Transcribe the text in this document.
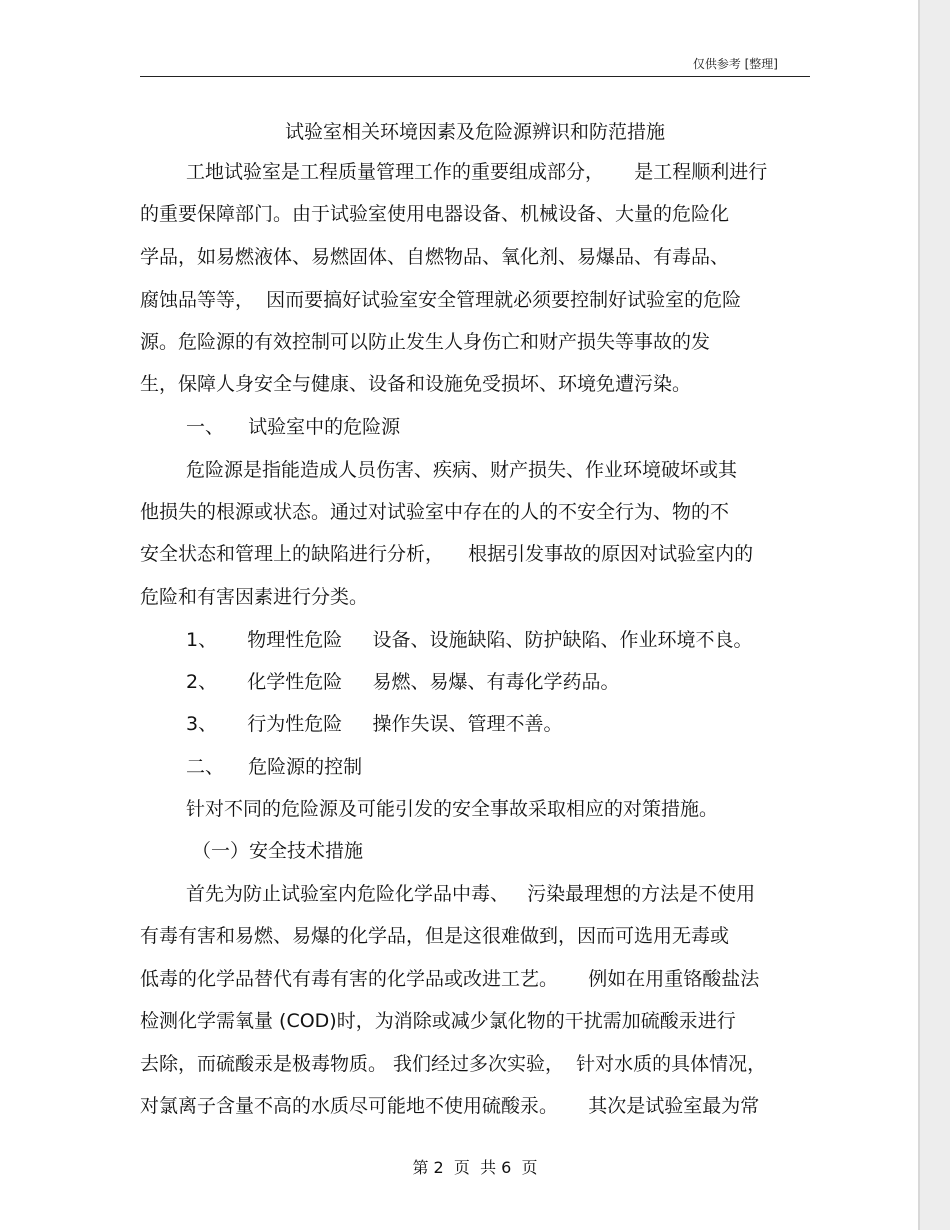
仅供参考 [整理]
试验室相关环境因素及危险源辨识和防范措施
工地试验室是工程质量管理工作的重要组成部分，     是工程顺利进行
的重要保障部门。由于试验室使用电器设备、机械设备、大量的危险化
学品，如易燃液体、易燃固体、自燃物品、氧化剂、易爆品、有毒品、
腐蚀品等等，  因而要搞好试验室安全管理就必须要控制好试验室的危险
源。危险源的有效控制可以防止发生人身伤亡和财产损失等事故的发
生，保障人身安全与健康、设备和设施免受损坏、环境免遭污染。
一、    试验室中的危险源
危险源是指能造成人员伤害、疾病、财产损失、作业环境破坏或其
他损失的根源或状态。通过对试验室中存在的人的不安全行为、物的不
安全状态和管理上的缺陷进行分析，    根据引发事故的原因对试验室内的
危险和有害因素进行分类。
1、     物理性危险     设备、设施缺陷、防护缺陷、作业环境不良。
2、     化学性危险     易燃、易爆、有毒化学药品。
3、     行为性危险     操作失误、管理不善。
二、    危险源的控制
针对不同的危险源及可能引发的安全事故采取相应的对策措施。
（一）安全技术措施
首先为防止试验室内危险化学品中毒、   污染最理想的方法是不使用
有毒有害和易燃、易爆的化学品，但是这很难做到，因而可选用无毒或
低毒的化学品替代有毒有害的化学品或改进工艺。     例如在用重铬酸盐法
检测化学需氧量 (COD)时，为消除或减少氯化物的干扰需加硫酸汞进行
去除，而硫酸汞是极毒物质。 我们经过多次实验，  针对水质的具体情况，
对氯离子含量不高的水质尽可能地不使用硫酸汞。     其次是试验室最为常
第 2  页  共 6  页
